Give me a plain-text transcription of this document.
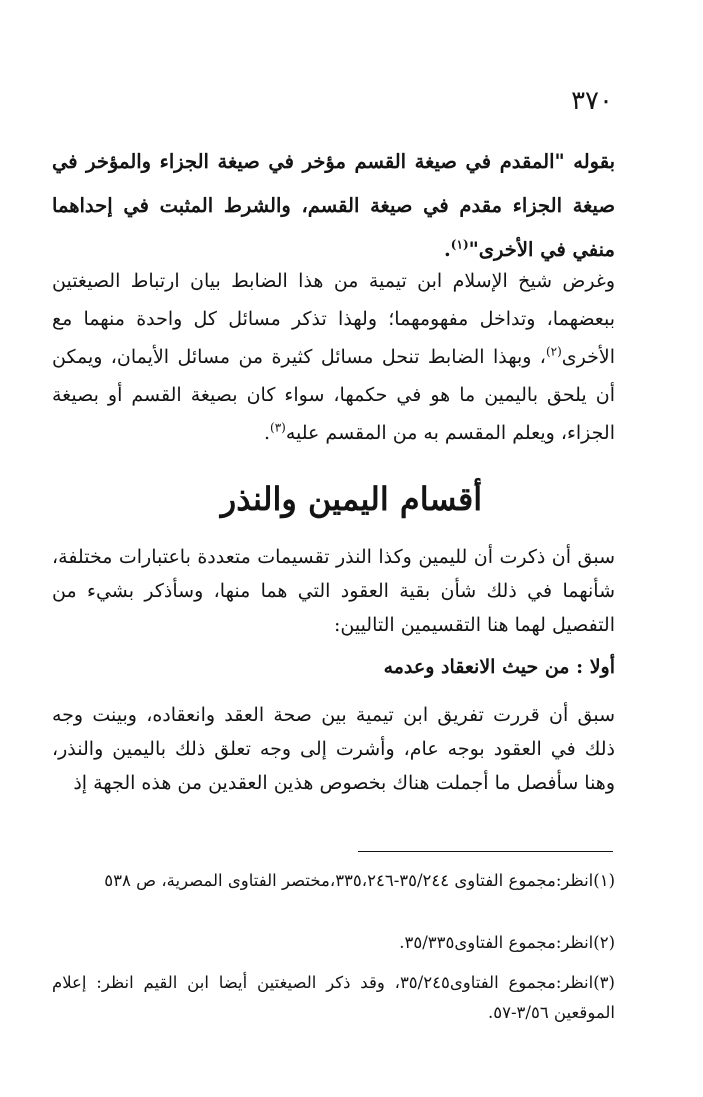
٣٧٠

بقوله "المقدم في صيغة القسم مؤخر في صيغة الجزاء والمؤخر في صيغة الجزاء مقدم في صيغة القسم، والشرط المثبت في إحداهما منفي في الأخرى"$^{(١)}$.

وغرض شيخ الإسلام ابن تيمية من هذا الضابط بيان ارتباط الصيغتين ببعضهما، وتداخل مفهومهما؛ ولهذا تذكر مسائل كل واحدة منهما مع الأخرى$^{(٢)}$، وبهذا الضابط تنحل مسائل كثيرة من مسائل الأيمان، ويمكن أن يلحق باليمين ما هو في حكمها، سواء كان بصيغة القسم أو بصيغة الجزاء، ويعلم المقسم به من المقسم عليه$^{(٣)}$.

أقسام اليمين والنذر

سبق أن ذكرت أن لليمين وكذا النذر تقسيمات متعددة باعتبارات مختلفة، شأنهما في ذلك شأن بقية العقود التي هما منها، وسأذكر بشيء من التفصيل لهما هنا التقسيمين التاليين:

أولا : من حيث الانعقاد وعدمه

سبق أن قررت تفريق ابن تيمية بين صحة العقد وانعقاده، وبينت وجه ذلك في العقود بوجه عام، وأشرت إلى وجه تعلق ذلك باليمين والنذر، وهنا سأفصل ما أجملت هناك بخصوص هذين العقدين من هذه الجهة إذ

(١)انظر:مجموع الفتاوى ٣٥/٢٤٤-٣٣٥،٢٤٦،مختصر الفتاوى المصرية، ص ٥٣٨

(٢)انظر:مجموع الفتاوى٣٥/٣٣٥.

(٣)انظر:مجموع الفتاوى٣٥/٢٤٥، وقد ذكر الصيغتين أيضا ابن القيم انظر: إعلام الموقعين ٣/٥٦-٥٧.
